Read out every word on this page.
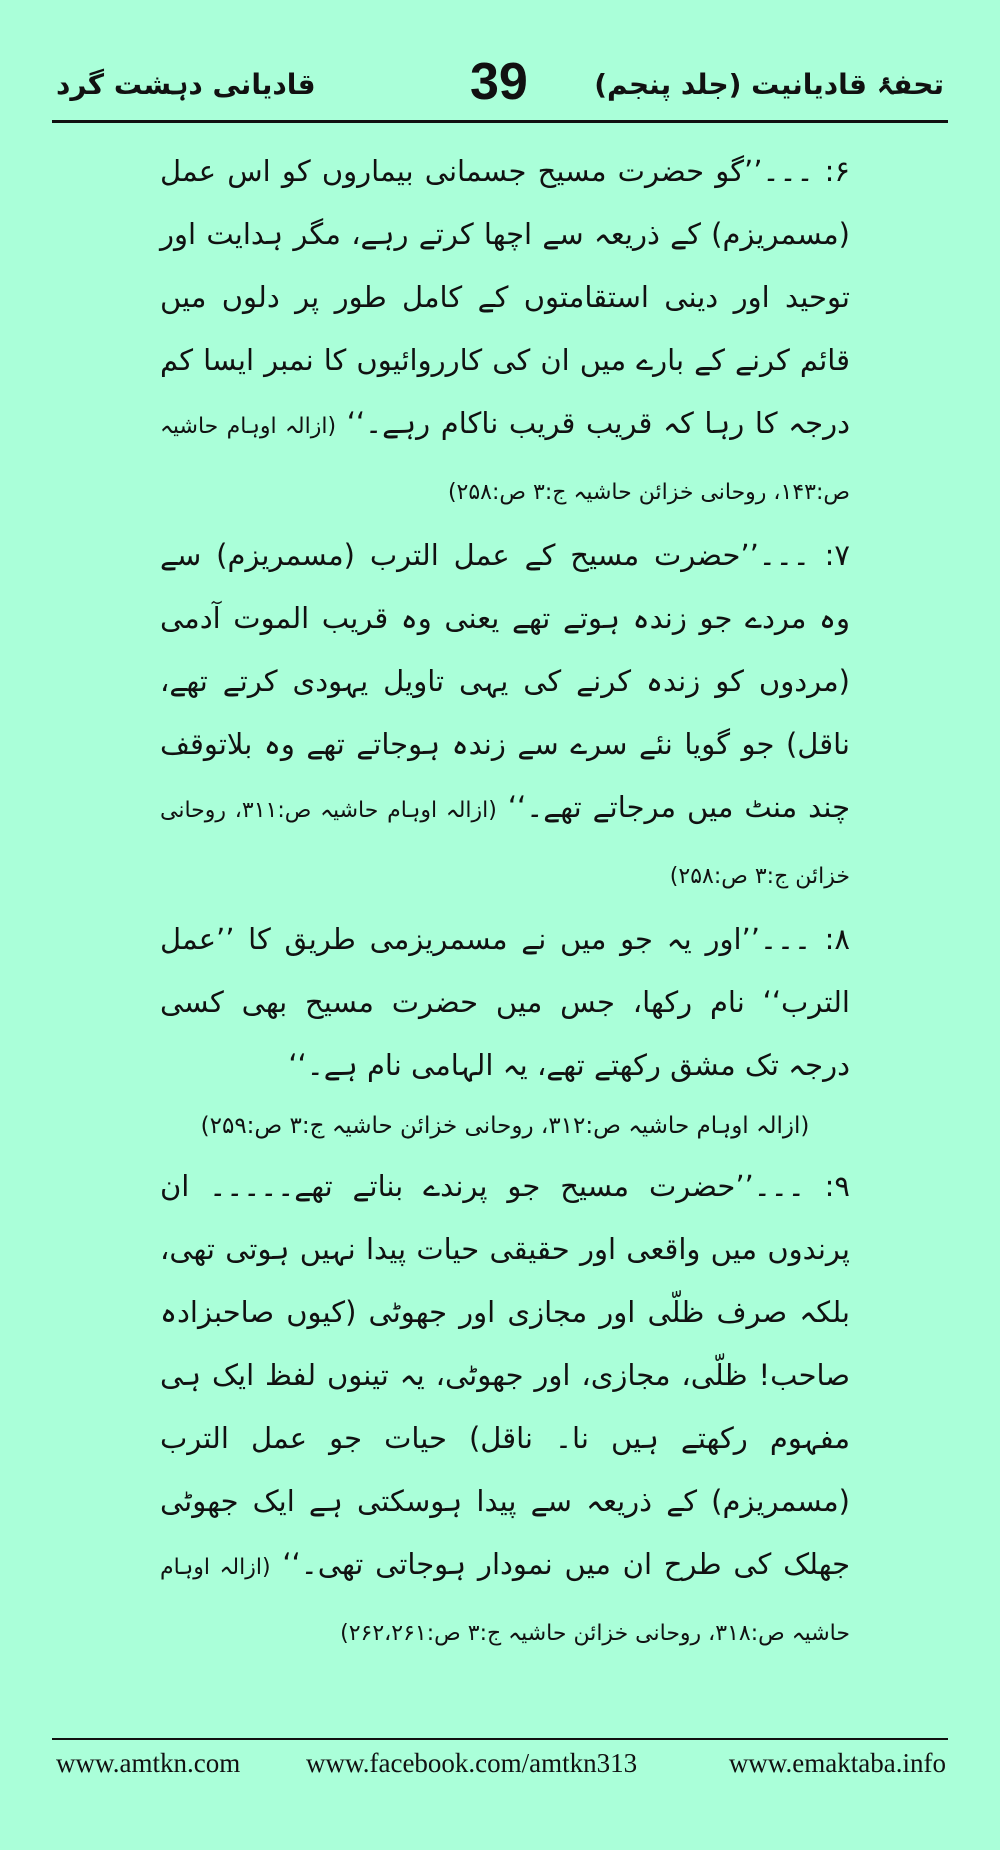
قادیانی دہشت گرد	39 تحفۂ قادیانیت (جلد پنجم)

۶: ۔۔۔’’گو حضرت مسیح جسمانی بیماروں کو اس عمل (مسمریزم) کے ذریعہ سے اچھا کرتے رہے، مگر ہدایت اور توحید اور دینی استقامتوں کے کامل طور پر دلوں میں قائم کرنے کے بارے میں ان کی کارروائیوں کا نمبر ایسا کم درجہ کا رہا کہ قریب قریب ناکام رہے۔‘‘ (ازالہ اوہام حاشیہ ص:۱۴۳، روحانی خزائن حاشیہ ج:۳ ص:۲۵۸)

۷: ۔۔۔’’حضرت مسیح کے عمل الترب (مسمریزم) سے وہ مردے جو زندہ ہوتے تھے یعنی وہ قریب الموت آدمی (مردوں کو زندہ کرنے کی یہی تاویل یہودی کرتے تھے، ناقل) جو گویا نئے سرے سے زندہ ہوجاتے تھے وہ بلاتوقف چند منٹ میں مرجاتے تھے۔‘‘ (ازالہ اوہام حاشیہ ص:۳۱۱، روحانی خزائن ج:۳ ص:۲۵۸)

۸: ۔۔۔’’اور یہ جو میں نے مسمریزمی طریق کا ’’عمل الترب‘‘ نام رکھا، جس میں حضرت مسیح بھی کسی درجہ تک مشق رکھتے تھے، یہ الہامی نام ہے۔‘‘

(ازالہ اوہام حاشیہ ص:۳۱۲، روحانی خزائن حاشیہ ج:۳ ص:۲۵۹)

۹: ۔۔۔’’حضرت مسیح جو پرندے بناتے تھے۔۔۔۔۔ ان پرندوں میں واقعی اور حقیقی حیات پیدا نہیں ہوتی تھی، بلکہ صرف ظلّی اور مجازی اور جھوٹی (کیوں صاحبزادہ صاحب! ظلّی، مجازی، اور جھوٹی، یہ تینوں لفظ ایک ہی مفہوم رکھتے ہیں نا۔ ناقل) حیات جو عمل الترب (مسمریزم) کے ذریعہ سے پیدا ہوسکتی ہے ایک جھوٹی جھلک کی طرح ان میں نمودار ہوجاتی تھی۔‘‘ (ازالہ اوہام حاشیہ ص:۳۱۸، روحانی خزائن حاشیہ ج:۳ ص:۲۶۲،۲۶۱)

www.amtkn.com www.facebook.com/amtkn313	www.emaktaba.info
